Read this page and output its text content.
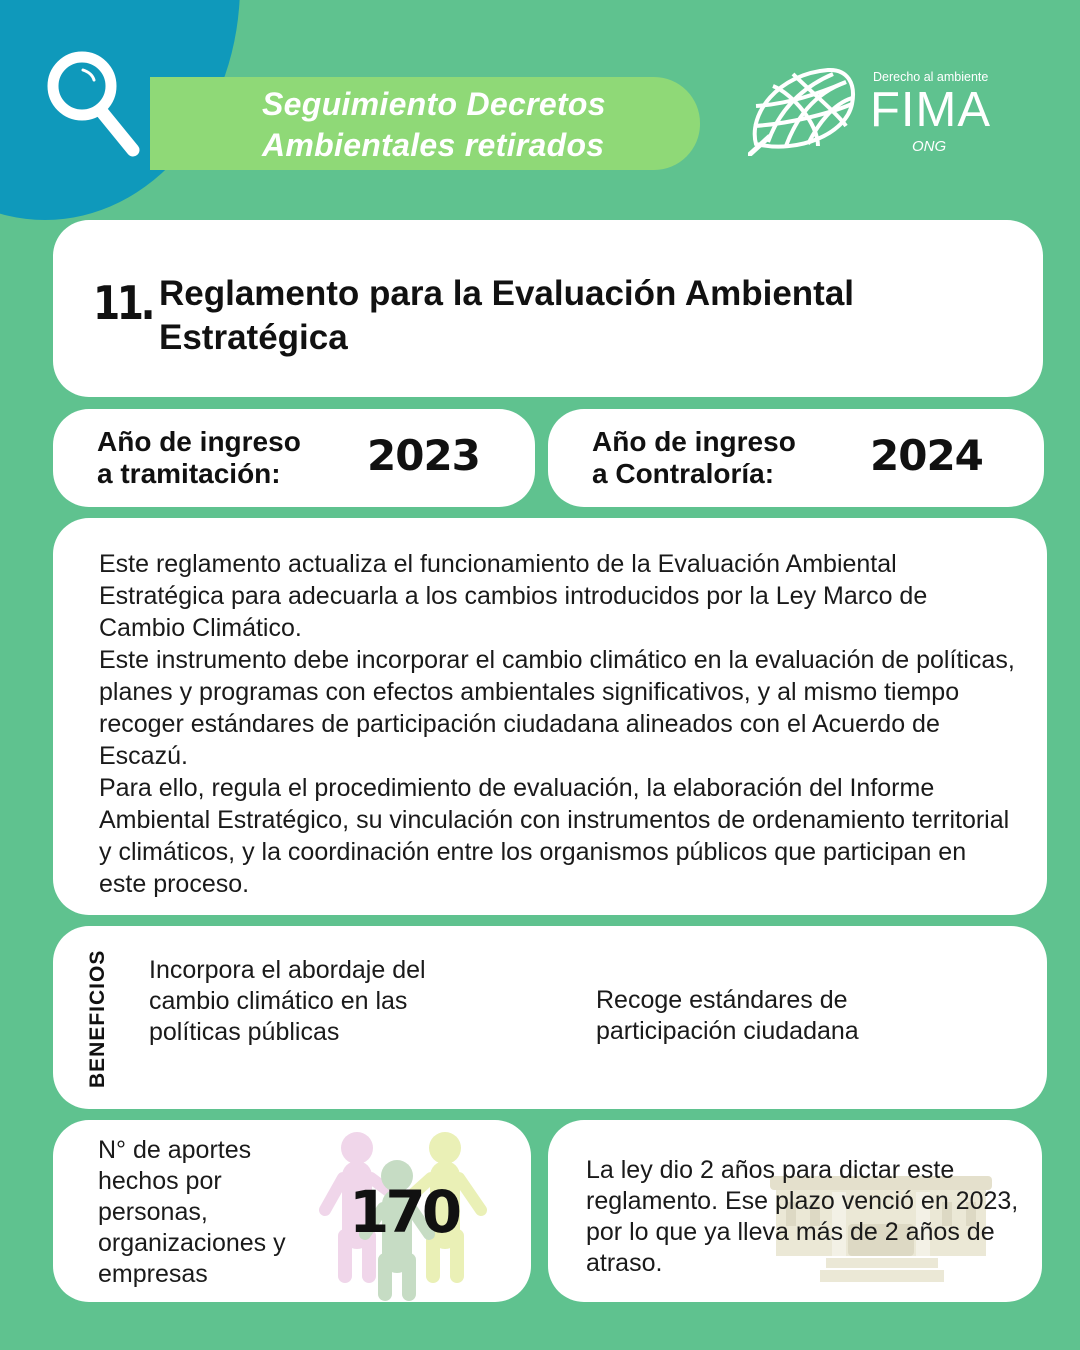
Seguimiento Decretos
Ambientales retirados
Derecho al ambiente
FIMA
ONG
11. Reglamento para la Evaluación Ambiental Estratégica
Año de ingreso
a tramitación:	2023	Año de ingreso
a Contraloría:	2024
Este reglamento actualiza el funcionamiento de la Evaluación Ambiental Estratégica para adecuarla a los cambios introducidos por la Ley Marco de Cambio Climático.
Este instrumento debe incorporar el cambio climático en la evaluación de políticas, planes y programas con efectos ambientales significativos, y al mismo tiempo recoger estándares de participación ciudadana alineados con el Acuerdo de Escazú.
Para ello, regula el procedimiento de evaluación, la elaboración del Informe Ambiental Estratégico, su vinculación con instrumentos de ordenamiento territorial y climáticos, y la coordinación entre los organismos públicos que participan en este proceso.
BENEFICIOS Incorpora el abordaje del cambio climático en las políticas públicas
Recoge estándares de participación ciudadana
N° de aportes hechos por personas, organizaciones y empresas
170
La ley dio 2 años para dictar este reglamento. Ese plazo venció en 2023, por lo que ya lleva más de 2 años de atraso.
